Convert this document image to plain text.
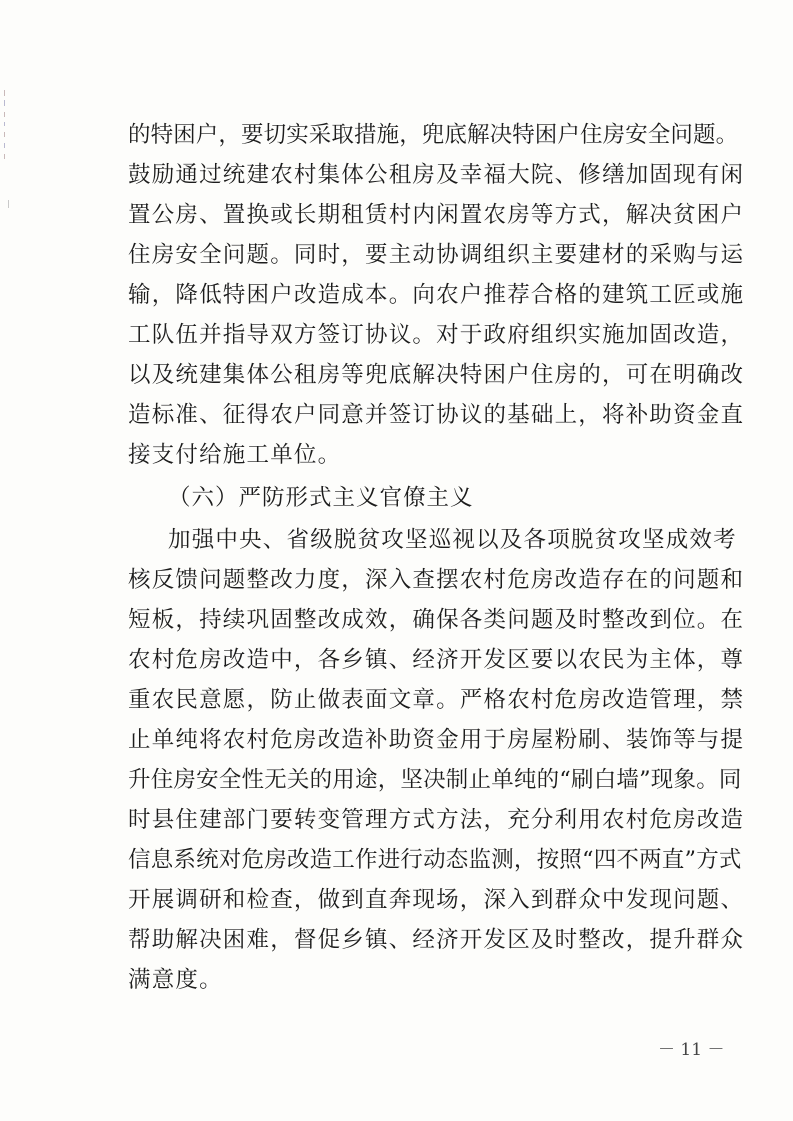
的特困户，要切实采取措施，兜底解决特困户住房安全问题。
鼓励通过统建农村集体公租房及幸福大院、修缮加固现有闲
置公房、置换或长期租赁村内闲置农房等方式，解决贫困户
住房安全问题。同时，要主动协调组织主要建材的采购与运
输，降低特困户改造成本。向农户推荐合格的建筑工匠或施
工队伍并指导双方签订协议。对于政府组织实施加固改造，
以及统建集体公租房等兜底解决特困户住房的，可在明确改
造标准、征得农户同意并签订协议的基础上，将补助资金直
接支付给施工单位。
（六）严防形式主义官僚主义
加强中央、省级脱贫攻坚巡视以及各项脱贫攻坚成效考
核反馈问题整改力度，深入查摆农村危房改造存在的问题和
短板，持续巩固整改成效，确保各类问题及时整改到位。在
农村危房改造中，各乡镇、经济开发区要以农民为主体，尊
重农民意愿，防止做表面文章。严格农村危房改造管理，禁
止单纯将农村危房改造补助资金用于房屋粉刷、装饰等与提
升住房安全性无关的用途，坚决制止单纯的“刷白墙”现象。同
时县住建部门要转变管理方式方法，充分利用农村危房改造
信息系统对危房改造工作进行动态监测，按照“四不两直”方式
开展调研和检查，做到直奔现场，深入到群众中发现问题、
帮助解决困难，督促乡镇、经济开发区及时整改，提升群众
满意度。
－ 11 －
